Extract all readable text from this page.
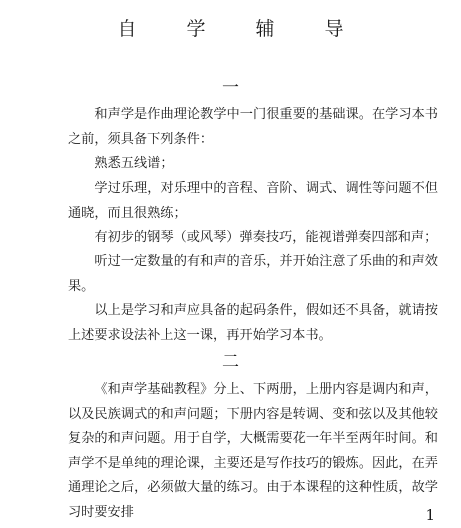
自 学 辅 导
一

和声学是作曲理论教学中一门很重要的基础课。在学习本书之前，须具备下列条件：

熟悉五线谱；

学过乐理，对乐理中的音程、音阶、调式、调性等问题不但通晓，而且很熟练；

有初步的钢琴（或风琴）弹奏技巧，能视谱弹奏四部和声；

听过一定数量的有和声的音乐，并开始注意了乐曲的和声效果。

以上是学习和声应具备的起码条件，假如还不具备，就请按上述要求设法补上这一课，再开始学习本书。

二

《和声学基础教程》分上、下两册，上册内容是调内和声，以及民族调式的和声问题；下册内容是转调、变和弦以及其他较复杂的和声问题。用于自学，大概需要花一年半至两年时间。和声学不是单纯的理论课，主要还是写作技巧的锻炼。因此，在弄通理论之后，必须做大量的练习。由于本课程的这种性质，故学习时要安排	1
